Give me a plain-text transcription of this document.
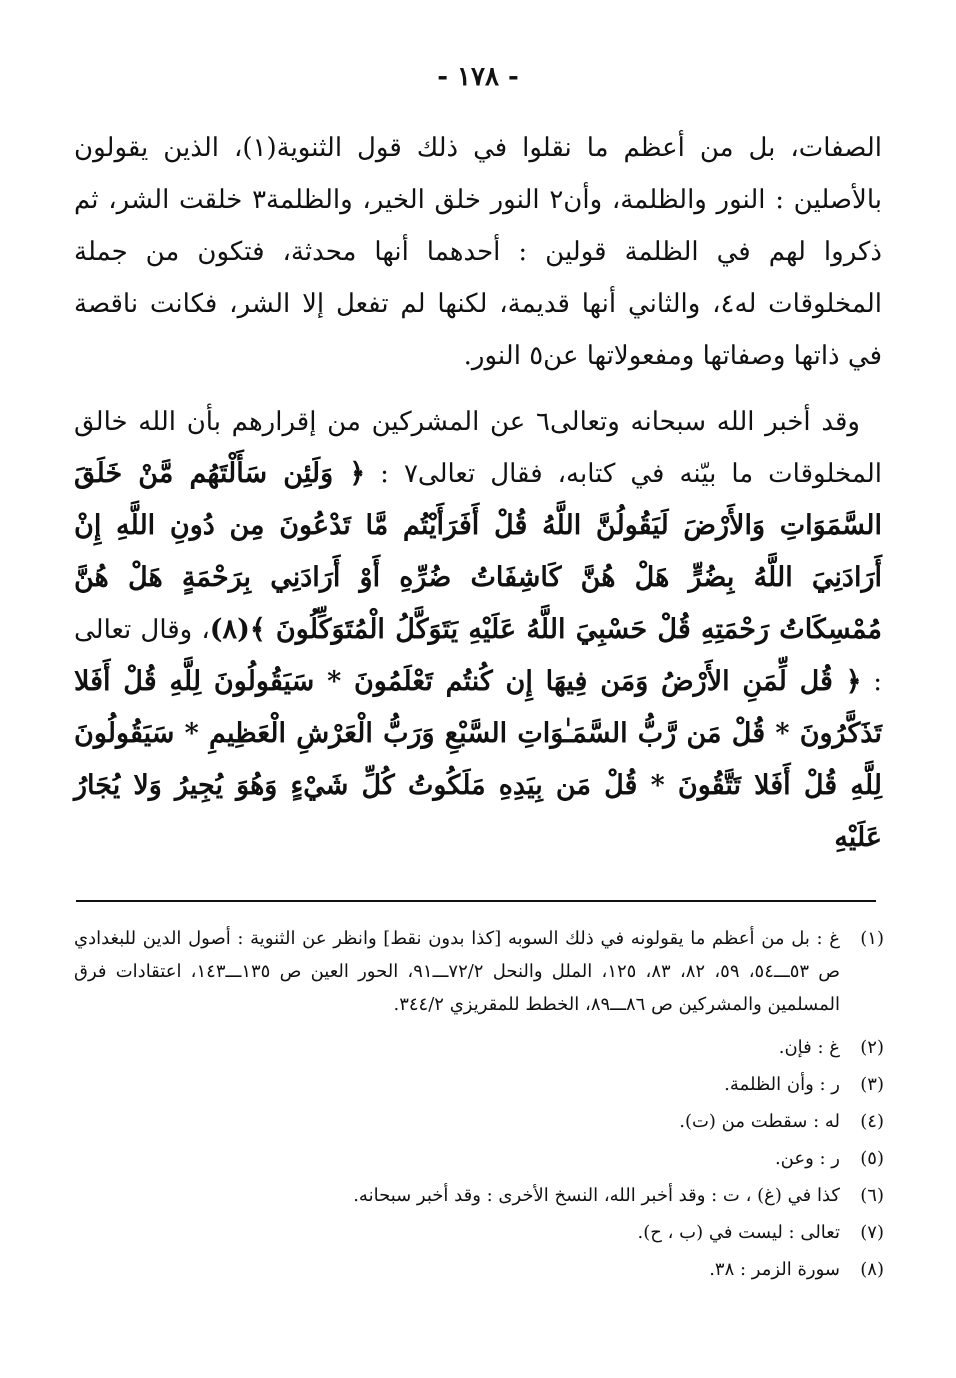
- ١٧٨ -

الصفات، بل من أعظم ما نقلوا في ذلك قول الثنوية(١)، الذين يقولون بالأصلين : النور والظلمة، وأن٢ النور خلق الخير، والظلمة٣ خلقت الشر، ثم ذكروا لهم في الظلمة قولين : أحدهما أنها محدثة، فتكون من جملة المخلوقات له٤، والثاني أنها قديمة، لكنها لم تفعل إلا الشر، فكانت ناقصة في ذاتها وصفاتها ومفعولاتها عن٥ النور.

وقد أخبر الله سبحانه وتعالى٦ عن المشركين من إقرارهم بأن الله خالق المخلوقات ما بيّنه في كتابه، فقال تعالى٧ : ﴿ وَلَئِن سَأَلْتَهُم مَّنْ خَلَقَ السَّمَوَاتِ وَالأَرْضَ لَيَقُولُنَّ اللَّهُ قُلْ أَفَرَأَيْتُم مَّا تَدْعُونَ مِن دُونِ اللَّهِ إِنْ أَرَادَنِيَ اللَّهُ بِضُرٍّ هَلْ هُنَّ كَاشِفَاتُ ضُرِّهِ أَوْ أَرَادَنِي بِرَحْمَةٍ هَلْ هُنَّ مُمْسِكَاتُ رَحْمَتِهِ قُلْ حَسْبِيَ اللَّهُ عَلَيْهِ يَتَوَكَّلُ الْمُتَوَكِّلُونَ ﴾(٨)، وقال تعالى : ﴿ قُل لِّمَنِ الأَرْضُ وَمَن فِيهَا إِن كُنتُم تَعْلَمُونَ * سَيَقُولُونَ لِلَّهِ قُلْ أَفَلا تَذَكَّرُونَ * قُلْ مَن رَّبُّ السَّمَـٰوَاتِ السَّبْعِ وَرَبُّ الْعَرْشِ الْعَظِيمِ * سَيَقُولُونَ لِلَّهِ قُلْ أَفَلا تَتَّقُونَ * قُلْ مَن بِيَدِهِ مَلَكُوتُ كُلِّ شَيْءٍ وَهُوَ يُجِيرُ وَلا يُجَارُ عَلَيْهِ

(١)
غ : بل من أعظم ما يقولونه في ذلك السوبه [كذا بدون نقط] وانظر عن الثنوية : أصول الدين للبغدادي ص ٥٣ـــ٥٤، ٥٩، ٨٢، ٨٣، ١٢٥، الملل والنحل ٧٢/٢ـــ٩١، الحور العين ص ١٣٥ـــ١٤٣، اعتقادات فرق المسلمين والمشركين ص ٨٦ـــ٨٩، الخطط للمقريزي ٣٤٤/٢.
(٢)
غ : فإن.
(٣)
ر : وأن الظلمة.
(٤)
له : سقطت من (ت).
(٥)
ر : وعن.
(٦)
كذا في (غ) ، ت : وقد أخبر الله، النسخ الأخرى : وقد أخبر سبحانه.
(٧)
تعالى : ليست في (ب ، ح).
(٨)
سورة الزمر : ٣٨.
